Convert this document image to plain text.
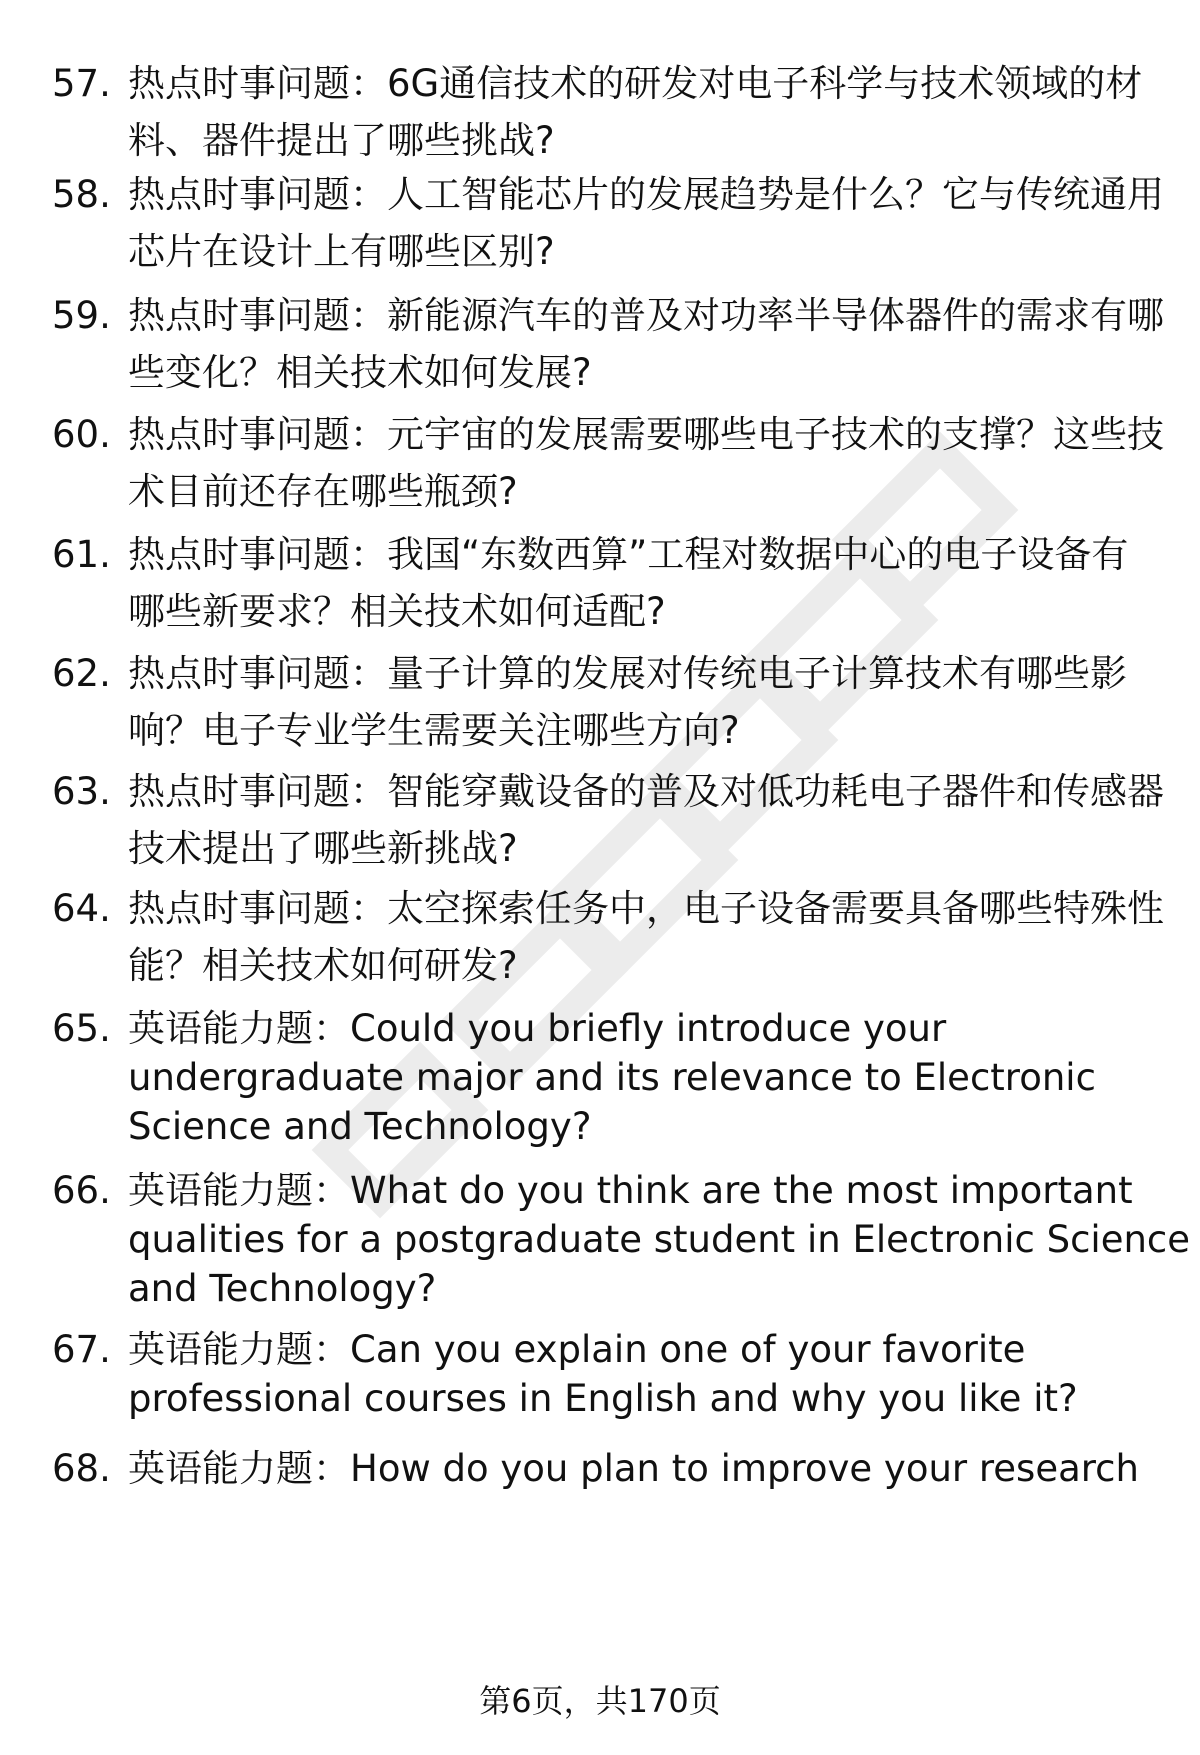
57. 热点时事问题：6G通信技术的研发对电子科学与技术领域的材
料、器件提出了哪些挑战?
58. 热点时事问题：人工智能芯片的发展趋势是什么？它与传统通用
芯片在设计上有哪些区别?
59. 热点时事问题：新能源汽车的普及对功率半导体器件的需求有哪
些变化？相关技术如何发展?
60. 热点时事问题：元宇宙的发展需要哪些电子技术的支撑？这些技
术目前还存在哪些瓶颈?
61. 热点时事问题：我国“东数西算”工程对数据中心的电子设备有
哪些新要求？相关技术如何适配?
62. 热点时事问题：量子计算的发展对传统电子计算技术有哪些影
响？电子专业学生需要关注哪些方向?
63. 热点时事问题：智能穿戴设备的普及对低功耗电子器件和传感器
技术提出了哪些新挑战?
64. 热点时事问题：太空探索任务中，电子设备需要具备哪些特殊性
能？相关技术如何研发?
65. 英语能力题：Could you briefly introduce your
undergraduate major and its relevance to Electronic
Science and Technology?
66. 英语能力题：What do you think are the most important
qualities for a postgraduate student in Electronic Science
and Technology?
67. 英语能力题：Can you explain one of your favorite
professional courses in English and why you like it?
68. 英语能力题：How do you plan to improve your research
第6页，共170页
